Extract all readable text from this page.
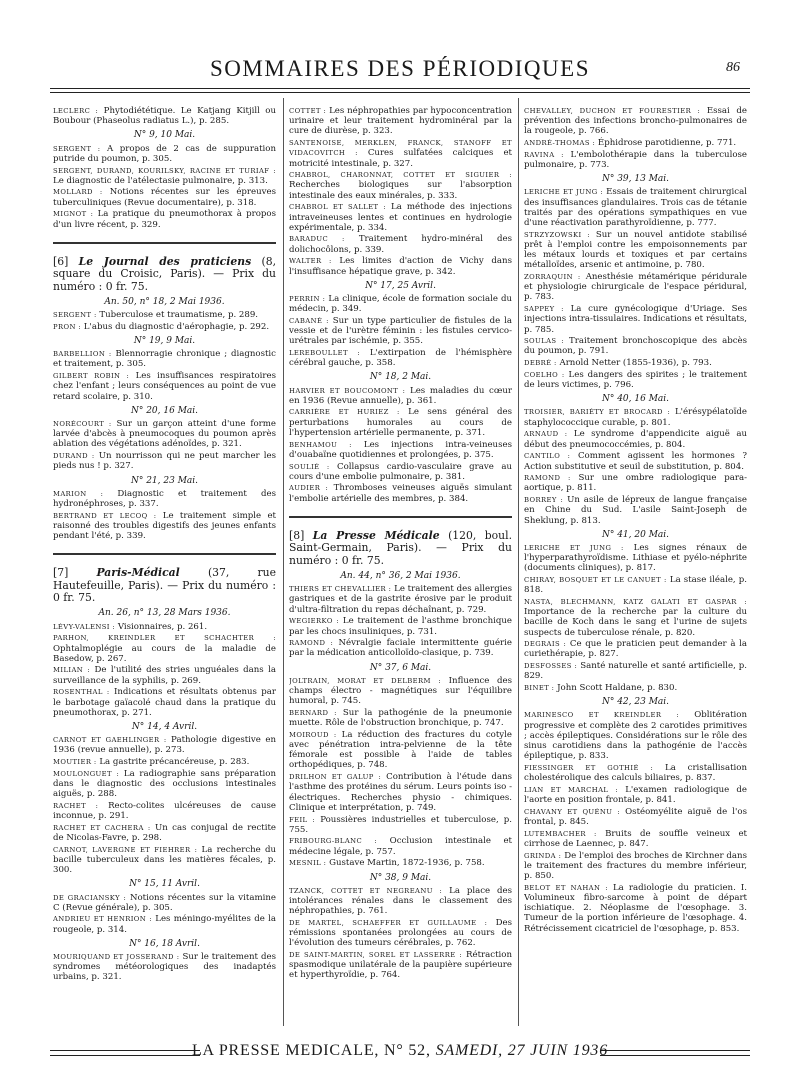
SOMMAIRES DES PÉRIODIQUES	86
LECLERC : Phytodiététique. Le Katjang Kitjill ou Boubour (Phaseolus radiatus L.), p. 285.
N° 9, 10 Mai.
SERGENT : A propos de 2 cas de suppuration putride du poumon, p. 305.
SERGENT, DURAND, KOURILSKY, RACINE ET TURIAF : Le diagnostic de l'atélectasie pulmonaire, p. 313.
MOLLARD : Notions récentes sur les épreuves tuberculiniques (Revue documentaire), p. 318.
MIGNOT : La pratique du pneumothorax à propos d'un livre récent, p. 329.
[6] Le Journal des praticiens (8, square du Croisic, Paris). — Prix du numéro : 0 fr. 75.
An. 50, n° 18, 2 Mai 1936.
SERGENT : Tuberculose et traumatisme, p. 289.
PRON : L'abus du diagnostic d'aérophagie, p. 292.
N° 19, 9 Mai.
BARBELLION : Blennorragie chronique ; diagnostic et traitement, p. 305.
GILBERT ROBIN : Les insuffisances respiratoires chez l'enfant ; leurs conséquences au point de vue retard scolaire, p. 310.
N° 20, 16 Mai.
NORÉCOURT : Sur un garçon atteint d'une forme larvée d'abcès à pneumocoques du poumon après ablation des végétations adénoïdes, p. 321.
DURAND : Un nourrisson qui ne peut marcher les pieds nus ! p. 327.
N° 21, 23 Mai.
MARION : Diagnostic et traitement des hydronéphroses, p. 337.
BERTRAND ET LECOQ : Le traitement simple et raisonné des troubles digestifs des jeunes enfants pendant l'été, p. 339.
[7]	Paris-Médical	(37, rue Hautefeuille, Paris). — Prix du numéro : 0 fr. 75.
An. 26, n° 13, 28 Mars 1936.
LÉVY-VALENSI : Visionnaires, p. 261.
PARHON, KREINDLER ET SCHACHTER : Ophtalmoplégie au cours de la maladie de Basedow, p. 267.
MILIAN : De l'utilité des stries unguéales dans la surveillance de la syphilis, p. 269.
ROSENTHAL : Indications et résultats obtenus par le barbotage gaïacolé chaud dans la pratique du pneumothorax, p. 271.
N° 14, 4 Avril.
CARNOT ET GAEHLINGER : Pathologie digestive en 1936 (revue annuelle), p. 273.
MOUTIER : La gastrite précancéreuse, p. 283.
MOULONGUET : La radiographie sans préparation dans le diagnostic des occlusions intestinales aiguës, p. 288.
RACHET : Recto-colites ulcéreuses de cause inconnue, p. 291.
RACHET ET CACHERA : Un cas conjugal de rectite de Nicolas-Favre, p. 298.
CARNOT, LAVERGNE ET FIEHRER : La recherche du bacille tuberculeux dans les matières fécales, p. 300.
N° 15, 11 Avril.
DE GRACIANSKY : Notions récentes sur la vitamine C (Revue générale), p. 305.
ANDRIEU ET HENRION : Les méningo-myélites de la rougeole, p. 314.
N° 16, 18 Avril.
MOURIQUAND ET JOSSERAND : Sur le traitement des syndromes météorologiques des inadaptés urbains, p. 321.
COTTET : Les néphropathies par hypoconcentration urinaire et leur traitement hydrominéral par la cure de diurèse, p. 323.
SANTENOISE, MERKLEN, FRANCK, STANOFF ET VIDACOVITCH : Cures sulfatées calciques et motricité intestinale, p. 327.
CHABROL, CHARONNAT, COTTET ET SIGUIER : Recherches biologiques sur l'absorption intestinale des eaux minérales, p. 333.
CHABROL ET SALLET : La méthode des injections intraveineuses lentes et continues en hydrologie expérimentale, p. 334.
BARADUC : Traitement hydro-minéral des dolichocôlons, p. 339.
WALTER : Les limites d'action de Vichy dans l'insuffisance hépatique grave, p. 342.
N° 17, 25 Avril.
PERRIN : La clinique, école de formation sociale du médecin, p. 349.
CABANÉ : Sur un type particulier de fistules de la vessie et de l'urètre féminin : les fistules cervico-urétrales par ischémie, p. 355.
LEREBOULLET : L'extirpation de l'hémisphère cérébral gauche, p. 358.
N° 18, 2 Mai.
HARVIER ET BOUCOMONT : Les maladies du cœur en 1936 (Revue annuelle), p. 361.
CARRIÈRE ET HURIEZ : Le sens général des perturbations humorales au cours de l'hypertension artérielle permanente, p. 371.
BENHAMOU : Les injections intra-veineuses d'ouabaïne quotidiennes et prolongées, p. 375.
SOULIÉ : Collapsus cardio-vasculaire grave au cours d'une embolie pulmonaire, p. 381.
AUDIER : Thromboses veineuses aiguës simulant l'embolie artérielle des membres, p. 384.
[8] La Presse Médicale (120, boul. Saint-Germain, Paris). — Prix du numéro : 0 fr. 75.
An. 44, n° 36, 2 Mai 1936.
THIERS ET CHEVALLIER : Le traitement des allergies gastriques et de la gastrite érosive par le produit d'ultra-filtration du repas déchaînant, p. 729.
WEGIERKO : Le traitement de l'asthme bronchique par les chocs insuliniques, p. 731.
RAMOND : Névralgie faciale intermittente guérie par la médication anticolloïdo-clasique, p. 739.
N° 37, 6 Mai.
JOLTRAIN, MORAT ET DELBERM : Influence des champs électro - magnétiques sur l'équilibre humoral, p. 745.
BERNARD : Sur la pathogénie de la pneumonie muette. Rôle de l'obstruction bronchique, p. 747.
MOIROUD : La réduction des fractures du cotyle avec pénétration intra-pelvienne de la tête fémorale est possible à l'aide de tables orthopédiques, p. 748.
DRILHON ET GALUP : Contribution à l'étude dans l'asthme des protéines du sérum. Leurs points iso - électriques. Recherches physio - chimiques. Clinique et interprétation, p. 749.
FEIL : Poussières industrielles et tuberculose, p. 755.
FRIBOURG-BLANC : Occlusion intestinale et médecine légale, p. 757.
MESNIL : Gustave Martin, 1872-1936, p. 758.
N° 38, 9 Mai.
TZANCK, COTTET ET NEGREANU : La place des intolérances rénales dans le classement des néphropathies, p. 761.
DE MARTEL, SCHAEFFER ET GUILLAUME : Des rémissions spontanées prolongées au cours de l'évolution des tumeurs cérébrales, p. 762.
DE SAINT-MARTIN, SOREL ET LASSERRE : Rétraction spasmodique unilatérale de la paupière supérieure et hyperthyroïdie, p. 764.
CHEVALLEY, DUCHON ET FOURESTIER : Essai de prévention des infections broncho-pulmonaires de la rougeole, p. 766.
ANDRÉ-THOMAS : Éphidrose parotidienne, p. 771.
RAVINA : L'embolothérapie dans la tuberculose pulmonaire, p. 773.
N° 39, 13 Mai.
LERICHE ET JUNG : Essais de traitement chirurgical des insuffisances glandulaires. Trois cas de tétanie traités par des opérations sympathiques en vue d'une réactivation parathyroïdienne, p. 777.
STRZYZOWSKI : Sur un nouvel antidote stabilisé prêt à l'emploi contre les empoisonnements par les métaux lourds et toxiques et par certains métalloïdes, arsenic et antimoine, p. 780.
ZORRAQUIN : Anesthésie métamérique péridurale et physiologie chirurgicale de l'espace péridural, p. 783.
SAPPEY : La cure gynécologique d'Uriage. Ses injections intra-tissulaires. Indications et résultats, p. 785.
SOULAS : Traitement bronchoscopique des abcès du poumon, p. 791.
DEBRÉ : Arnold Netter (1855-1936), p. 793.
COELHO : Les dangers des spirites ; le traitement de leurs victimes, p. 796.
N° 40, 16 Mai.
TROISIER, BARIÉTY ET BROCARD : L'érésypélatoïde staphylococcique curable, p. 801.
ARNAUD : Le syndrome d'appendicite aiguë au début des pneumococcémies, p. 804.
CANTILO : Comment agissent les hormones ? Action substitutive et seuil de substitution, p. 804.
RAMOND : Sur une ombre radiologique para-aortique, p. 811.
BORREY : Un asile de lépreux de langue française en Chine du Sud. L'asile Saint-Joseph de Sheklung, p. 813.
N° 41, 20 Mai.
LERICHE ET JUNG : Les signes rénaux de l'hyperparathyroïdisme. Lithiase et pyélo-néphrite (documents cliniques), p. 817.
CHIRAY, BOSQUET ET LE CANUET : La stase iléale, p. 818.
NASTA, BLECHMANN, KATZ GALATI ET GASPAR : Importance de la recherche par la culture du bacille de Koch dans le sang et l'urine de sujets suspects de tuberculose rénale, p. 820.
DEGRAIS : Ce que le praticien peut demander à la curiethérapie, p. 827.
DESFOSSES : Santé naturelle et santé artificielle, p. 829.
BINET : John Scott Haldane, p. 830.
N° 42, 23 Mai.
MARINESCO ET KREINDLER : Oblitération progressive et complète des 2 carotides primitives ; accès épileptiques. Considérations sur le rôle des sinus carotidiens dans la pathogénie de l'accès épileptique, p. 833.
FIESSINGER ET GOTHIÉ : La cristallisation cholestérolique des calculs biliaires, p. 837.
LIAN ET MARCHAL : L'examen radiologique de l'aorte en position frontale, p. 841.
CHAVANY ET QUÉNU : Ostéomyélite aiguë de l'os frontal, p. 845.
LUTEMBACHER : Bruits de souffle veineux et cirrhose de Laennec, p. 847.
GRINDA : De l'emploi des broches de Kirchner dans le traitement des fractures du membre inférieur, p. 850.
BELOT ET NAHAN : La radiologie du praticien. I. Volumineux fibro-sarcome à point de départ ischiatique. 2. Néoplasme de l'œsophage. 3. Tumeur de la portion inférieure de l'œsophage. 4. Rétrécissement cicatriciel de l'œsophage, p. 853.
LA PRESSE MEDICALE, N° 52, SAMEDI, 27 JUIN 1936
